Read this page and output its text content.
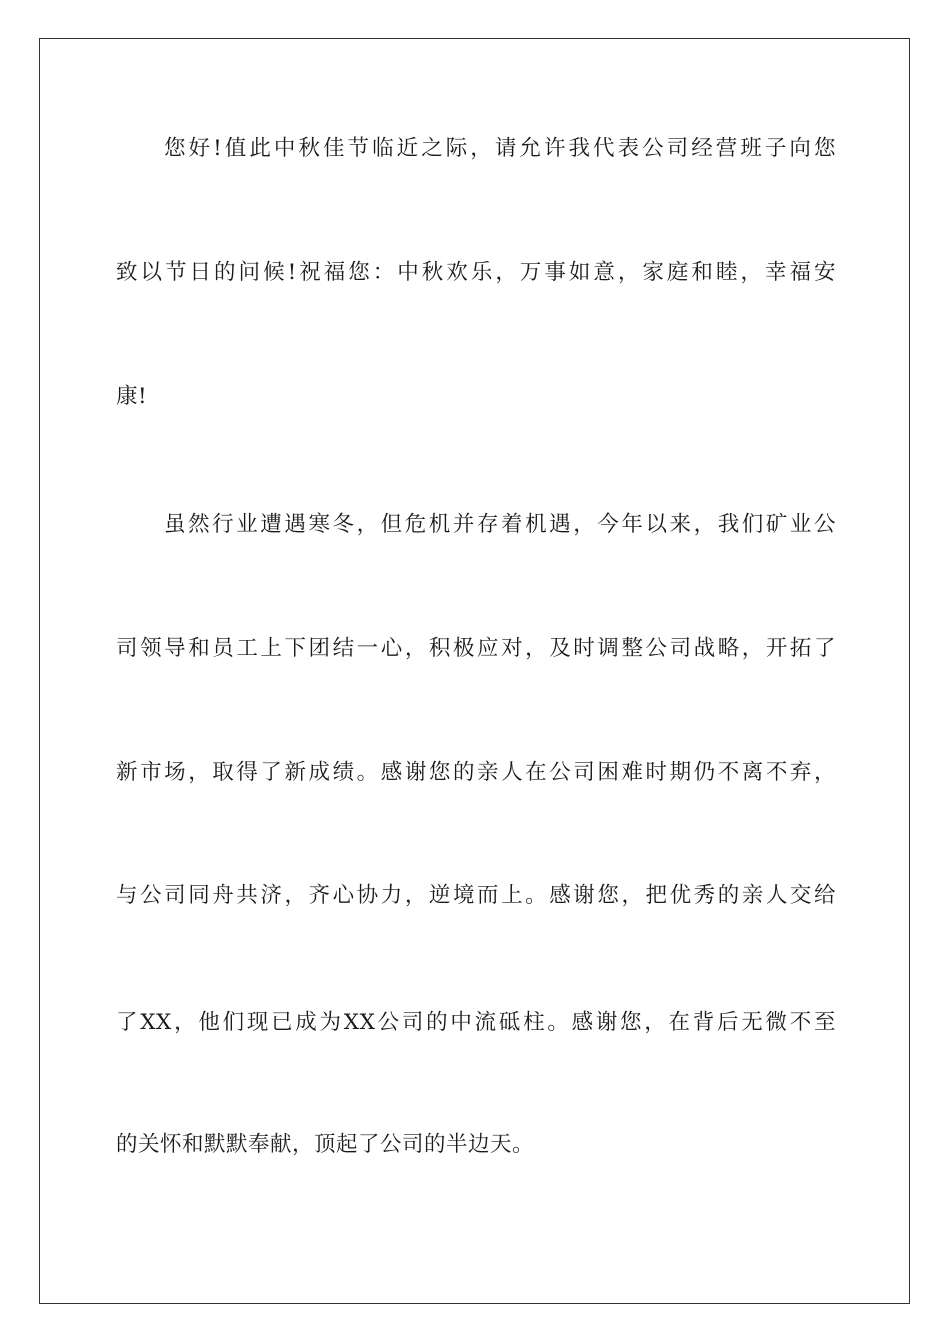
您好!值此中秋佳节临近之际，请允许我代表公司经营班子向您
致以节日的问候!祝福您：中秋欢乐，万事如意，家庭和睦，幸福安
康!
虽然行业遭遇寒冬，但危机并存着机遇，今年以来，我们矿业公
司领导和员工上下团结一心，积极应对，及时调整公司战略，开拓了
新市场，取得了新成绩。感谢您的亲人在公司困难时期仍不离不弃，
与公司同舟共济，齐心协力，逆境而上。感谢您，把优秀的亲人交给
了XX，他们现已成为XX公司的中流砥柱。感谢您，在背后无微不至
的关怀和默默奉献，顶起了公司的半边天。
